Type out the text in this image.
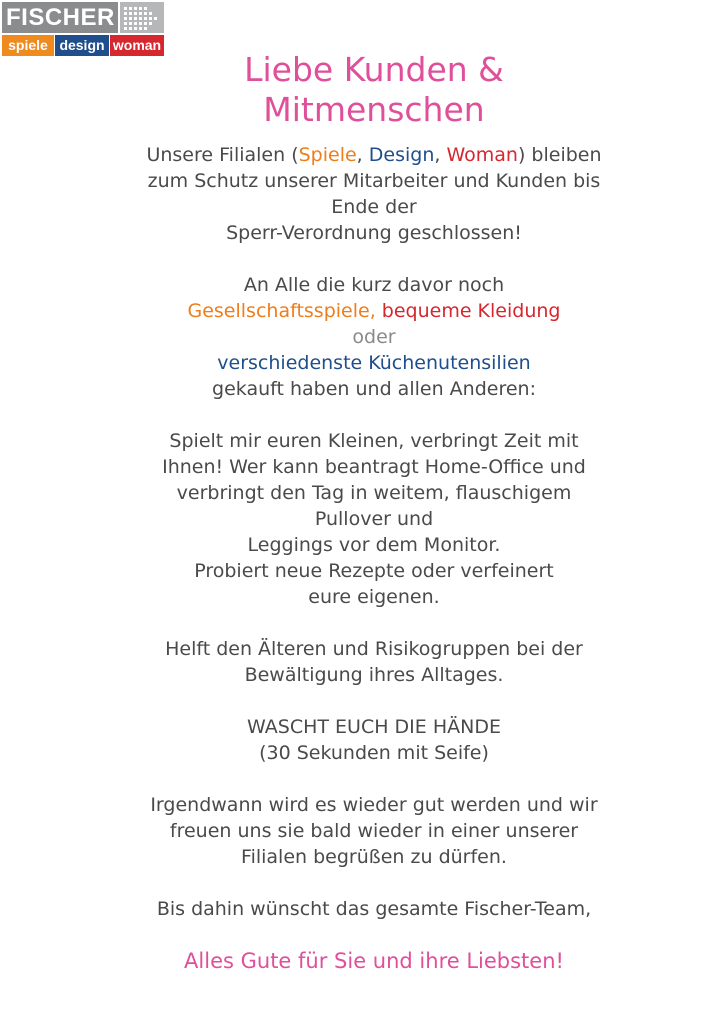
FISCHER
spiele design woman
Liebe Kunden &
Mitmenschen
Unsere Filialen (Spiele, Design, Woman) bleiben
zum Schutz unserer Mitarbeiter und Kunden bis
Ende der
Sperr-Verordnung geschlossen!
An Alle die kurz davor noch
Gesellschaftsspiele, bequeme Kleidung
oder
verschiedenste Küchenutensilien
gekauft haben und allen Anderen:
Spielt mir euren Kleinen, verbringt Zeit mit
Ihnen! Wer kann beantragt Home-Office und
verbringt den Tag in weitem, flauschigem
Pullover und
Leggings vor dem Monitor.
Probiert neue Rezepte oder verfeinert
eure eigenen.
Helft den Älteren und Risikogruppen bei der
Bewältigung ihres Alltages.
WASCHT EUCH DIE HÄNDE
(30 Sekunden mit Seife)
Irgendwann wird es wieder gut werden und wir
freuen uns sie bald wieder in einer unserer
Filialen begrüßen zu dürfen.
Bis dahin wünscht das gesamte Fischer-Team,
Alles Gute für Sie und ihre Liebsten!
